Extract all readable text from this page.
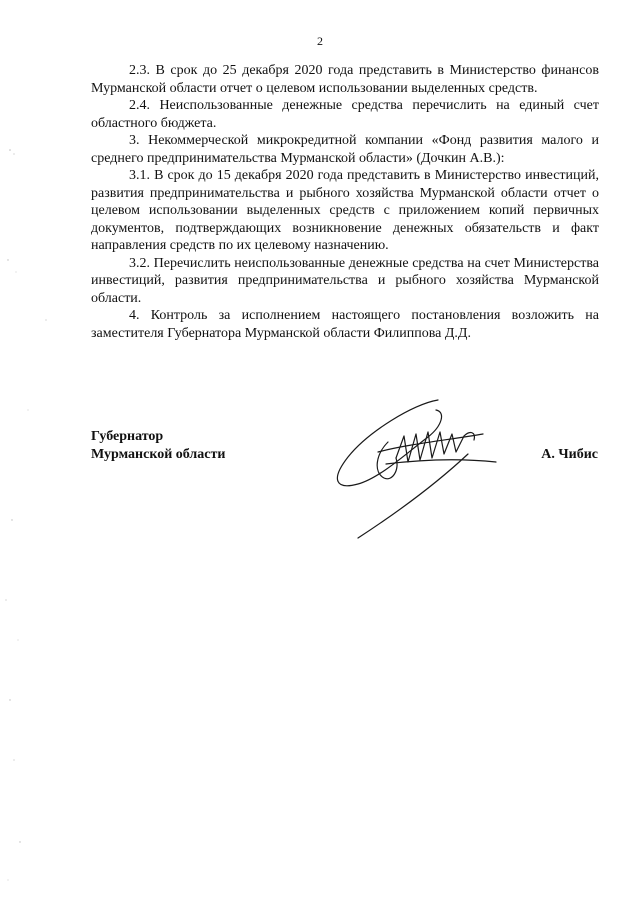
2

2.3. В срок до 25 декабря 2020 года представить в Министерство финансов Мурманской области отчет о целевом использовании выделенных средств.

2.4. Неиспользованные денежные средства перечислить на единый счет областного бюджета.

3. Некоммерческой микрокредитной компании «Фонд развития малого и среднего предпринимательства Мурманской области» (Дочкин А.В.):

3.1. В срок до 15 декабря 2020 года представить в Министерство инвестиций, развития предпринимательства и рыбного хозяйства Мурманской области отчет о целевом использовании выделенных средств с приложением копий первичных документов, подтверждающих возникновение денежных обязательств и факт направления средств по их целевому назначению.

3.2. Перечислить неиспользованные денежные средства на счет Министерства инвестиций, развития предпринимательства и рыбного хозяйства Мурманской области.

4. Контроль за исполнением настоящего постановления возложить на заместителя Губернатора Мурманской области Филиппова Д.Д.

Губернатор
Мурманской области	А. Чибис
